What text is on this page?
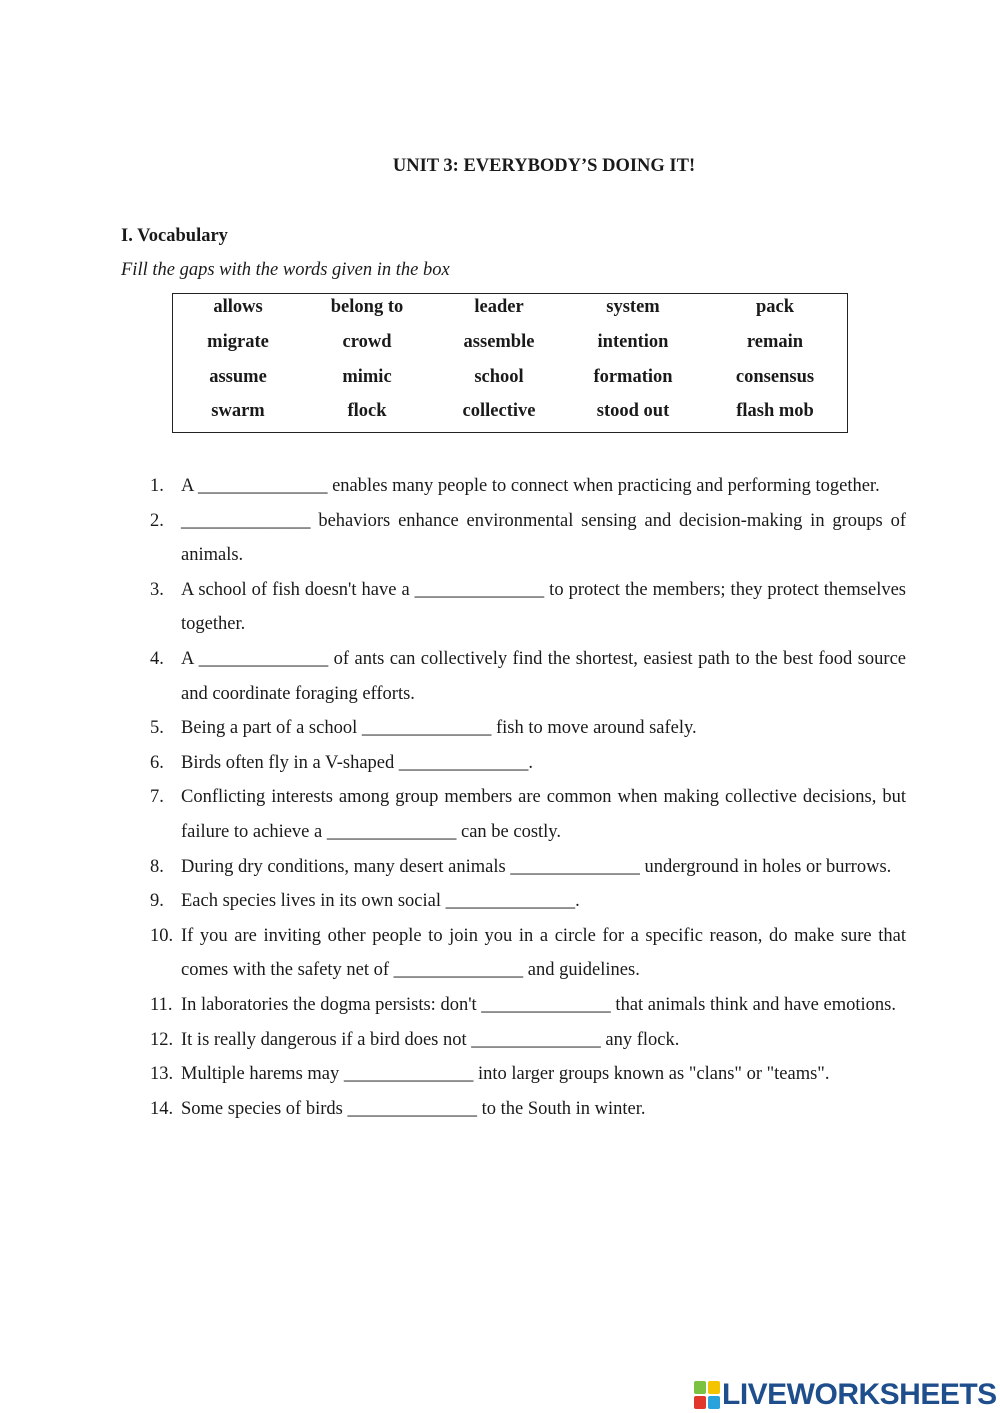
UNIT 3: EVERYBODY’S DOING IT!
I. Vocabulary
Fill the gaps with the words given in the box
allows	belong to	leader	system	pack
migrate	crowd	assemble	intention	remain
assume	mimic	school	formation	consensus
swarm	flock	collective	stood out	flash mob
1. A ______________ enables many people to connect when practicing and performing together.
2. ______________ behaviors enhance environmental sensing and decision-making in groups of animals.
3. A school of fish doesn't have a ______________ to protect the members; they protect themselves together.
4. A ______________ of ants can collectively find the shortest, easiest path to the best food source and coordinate foraging efforts.
5. Being a part of a school ______________ fish to move around safely.
6. Birds often fly in a V-shaped ______________.
7. Conflicting interests among group members are common when making collective decisions, but failure to achieve a ______________ can be costly.
8. During dry conditions, many desert animals ______________ underground in holes or burrows.
9. Each species lives in its own social ______________.
10. If you are inviting other people to join you in a circle for a specific reason, do make sure that comes with the safety net of ______________ and guidelines.
11. In laboratories the dogma persists: don't ______________ that animals think and have emotions.
12. It is really dangerous if a bird does not ______________ any flock.
13. Multiple harems may ______________ into larger groups known as "clans" or "teams".
14. Some species of birds ______________ to the South in winter.
LIVEWORKSHEETS
